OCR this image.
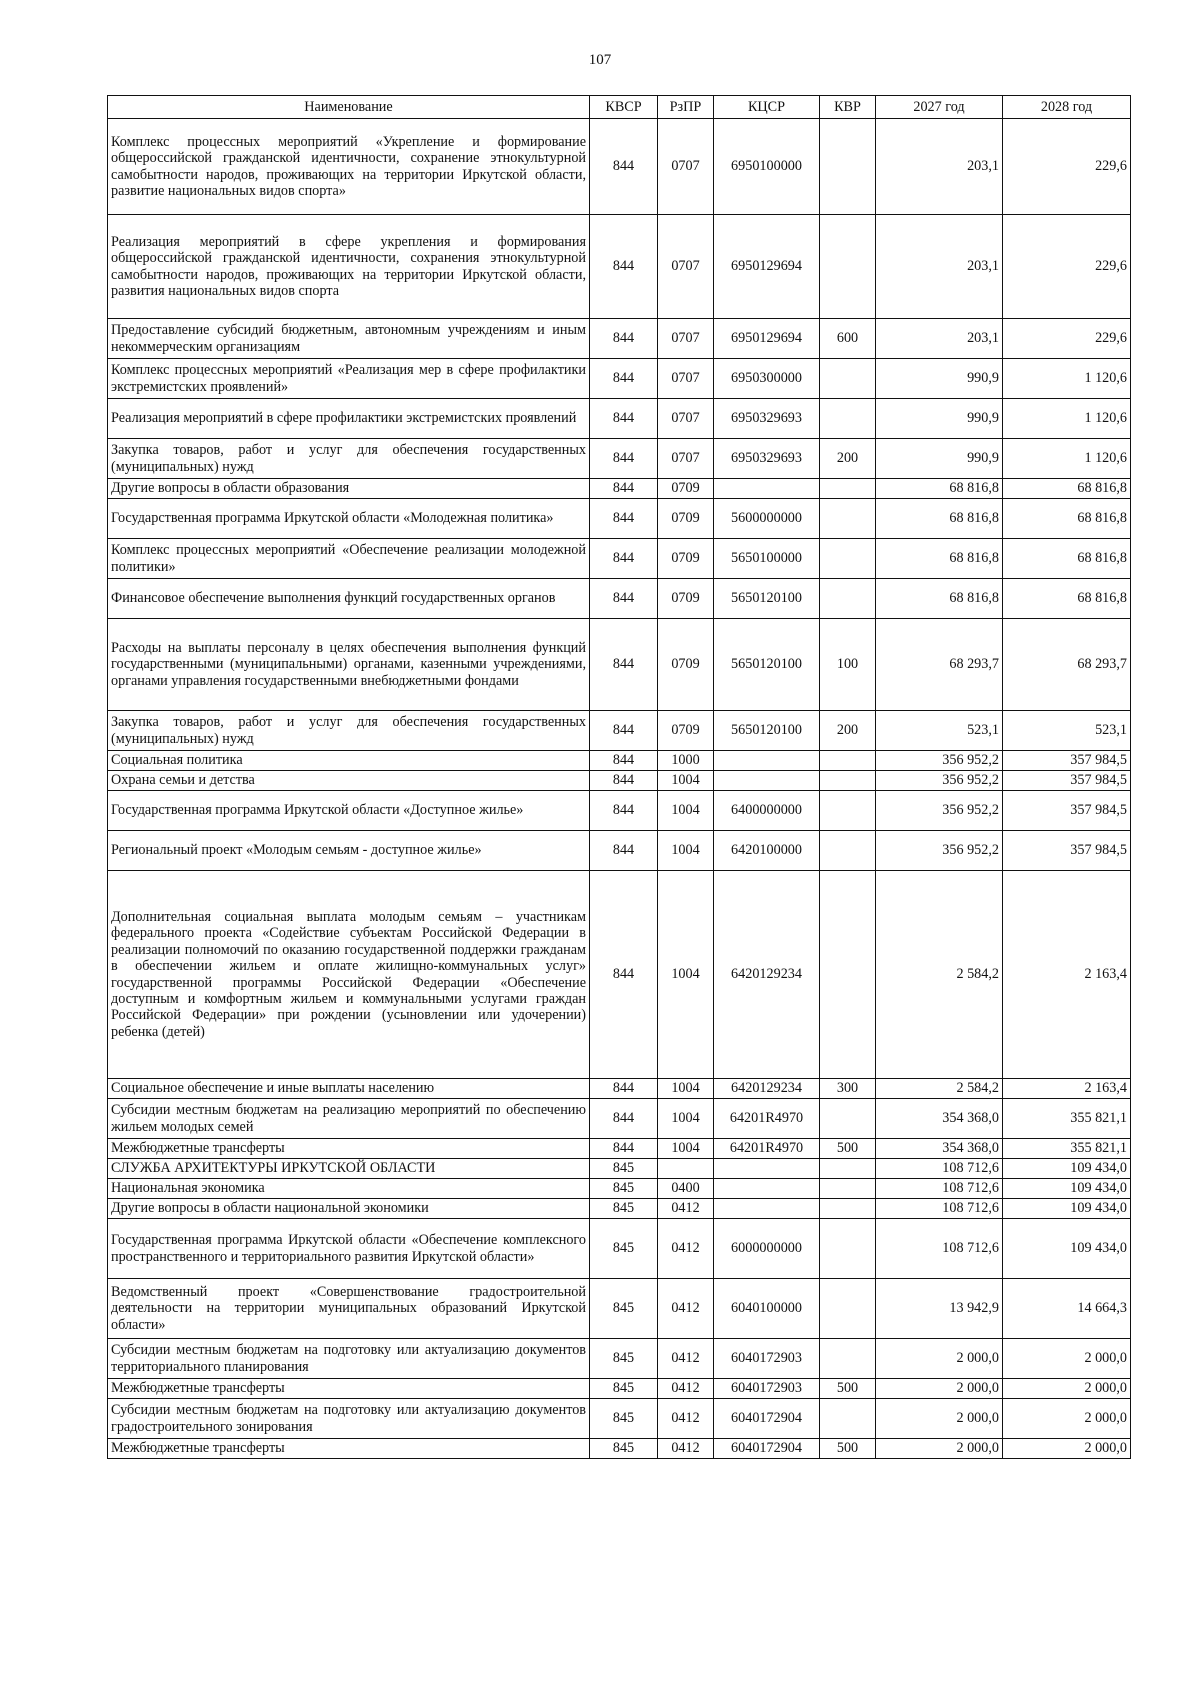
107
Наименование	КВСР	РзПР	КЦСР	КВР	2027 год	2028 год
Комплекс процессных мероприятий «Укрепление и формирование общероссийской гражданской идентичности, сохранение этнокультурной самобытности народов, проживающих на территории Иркутской области, развитие национальных видов спорта»	844	0707	6950100000		203,1	229,6
Реализация мероприятий в сфере укрепления и формирования общероссийской гражданской идентичности, сохранения этнокультурной самобытности народов, проживающих на территории Иркутской области, развития национальных видов спорта	844	0707	6950129694		203,1	229,6
Предоставление субсидий бюджетным, автономным учреждениям и иным некоммерческим организациям	844	0707	6950129694	600	203,1	229,6
Комплекс процессных мероприятий «Реализация мер в сфере профилактики экстремистских проявлений»	844	0707	6950300000		990,9	1 120,6
Реализация мероприятий в сфере профилактики экстремистских проявлений	844	0707	6950329693		990,9	1 120,6
Закупка товаров, работ и услуг для обеспечения государственных (муниципальных) нужд	844	0707	6950329693	200	990,9	1 120,6
Другие вопросы в области образования	844	0709			68 816,8	68 816,8
Государственная программа Иркутской области «Молодежная политика»	844	0709	5600000000		68 816,8	68 816,8
Комплекс процессных мероприятий «Обеспечение реализации молодежной политики»	844	0709	5650100000		68 816,8	68 816,8
Финансовое обеспечение выполнения функций государственных органов	844	0709	5650120100		68 816,8	68 816,8
Расходы на выплаты персоналу в целях обеспечения выполнения функций государственными (муниципальными) органами, казенными учреждениями, органами управления государственными внебюджетными фондами	844	0709	5650120100	100	68 293,7	68 293,7
Закупка товаров, работ и услуг для обеспечения государственных (муниципальных) нужд	844	0709	5650120100	200	523,1	523,1
Социальная политика	844	1000			356 952,2	357 984,5
Охрана семьи и детства	844	1004			356 952,2	357 984,5
Государственная программа Иркутской области «Доступное жилье»	844	1004	6400000000		356 952,2	357 984,5
Региональный проект «Молодым семьям - доступное жилье»	844	1004	6420100000		356 952,2	357 984,5
Дополнительная социальная выплата молодым семьям – участникам федерального проекта «Содействие субъектам Российской Федерации в реализации полномочий по оказанию государственной поддержки гражданам в обеспечении жильем и оплате жилищно-коммунальных услуг» государственной программы Российской Федерации «Обеспечение доступным и комфортным жильем и коммунальными услугами граждан Российской Федерации» при рождении (усыновлении или удочерении) ребенка (детей)	844	1004	6420129234		2 584,2	2 163,4
Социальное обеспечение и иные выплаты населению	844	1004	6420129234	300	2 584,2	2 163,4
Субсидии местным бюджетам на реализацию мероприятий по обеспечению жильем молодых семей	844	1004	64201R4970		354 368,0	355 821,1
Межбюджетные трансферты	844	1004	64201R4970	500	354 368,0	355 821,1
СЛУЖБА АРХИТЕКТУРЫ ИРКУТСКОЙ ОБЛАСТИ	845				108 712,6	109 434,0
Национальная экономика	845	0400			108 712,6	109 434,0
Другие вопросы в области национальной экономики	845	0412			108 712,6	109 434,0
Государственная программа Иркутской области «Обеспечение комплексного пространственного и территориального развития Иркутской области»	845	0412	6000000000		108 712,6	109 434,0
Ведомственный проект «Совершенствование градостроительной деятельности на территории муниципальных образований Иркутской области»	845	0412	6040100000		13 942,9	14 664,3
Субсидии местным бюджетам на подготовку или актуализацию документов территориального планирования	845	0412	6040172903		2 000,0	2 000,0
Межбюджетные трансферты	845	0412	6040172903	500	2 000,0	2 000,0
Субсидии местным бюджетам на подготовку или актуализацию документов градостроительного зонирования	845	0412	6040172904		2 000,0	2 000,0
Межбюджетные трансферты	845	0412	6040172904	500	2 000,0	2 000,0
